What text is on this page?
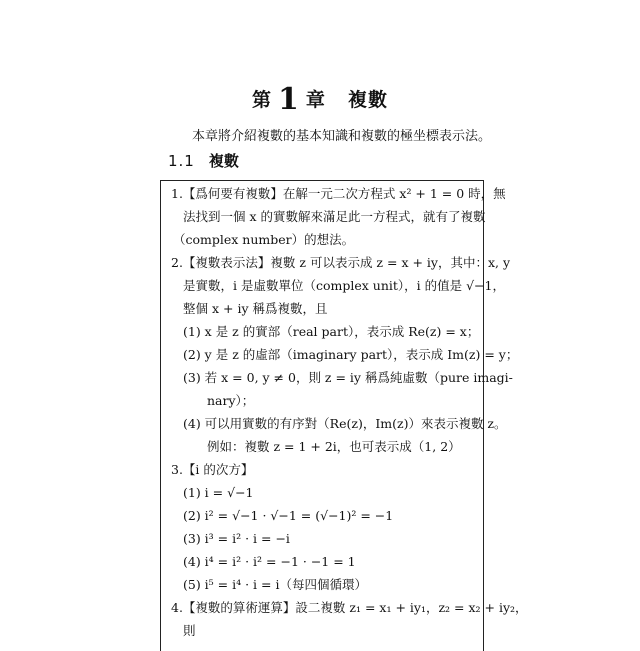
第 1 章 複數
本章將介紹複數的基本知識和複數的極坐標表示法。
1.1 複數
1.【爲何要有複數】在解一元二次方程式 x² + 1 = 0 時，無
法找到一個 x 的實數解來滿足此一方程式，就有了複數
（complex number）的想法。
2.【複數表示法】複數 z 可以表示成 z = x + iy，其中：x, y
是實數，i 是虛數單位（complex unit），i 的值是 √−1，
整個 x + iy 稱爲複數，且
(1) x 是 z 的實部（real part），表示成 Re(z) = x；
(2) y 是 z 的虛部（imaginary part），表示成 Im(z) = y；
(3) 若 x = 0, y ≠ 0，則 z = iy 稱爲純虛數（pure imagi-
nary）；
(4) 可以用實數的有序對（Re(z)，Im(z)）來表示複數 z。
例如：複數 z = 1 + 2i，也可表示成（1, 2）
3.【i 的次方】
(1) i = √−1
(2) i² = √−1 · √−1 = (√−1)² = −1
(3) i³ = i² · i = −i
(4) i⁴ = i² · i² = −1 · −1 = 1
(5) i⁵ = i⁴ · i = i（每四個循環）
4.【複數的算術運算】設二複數 z₁ = x₁ + iy₁，z₂ = x₂ + iy₂，
則
